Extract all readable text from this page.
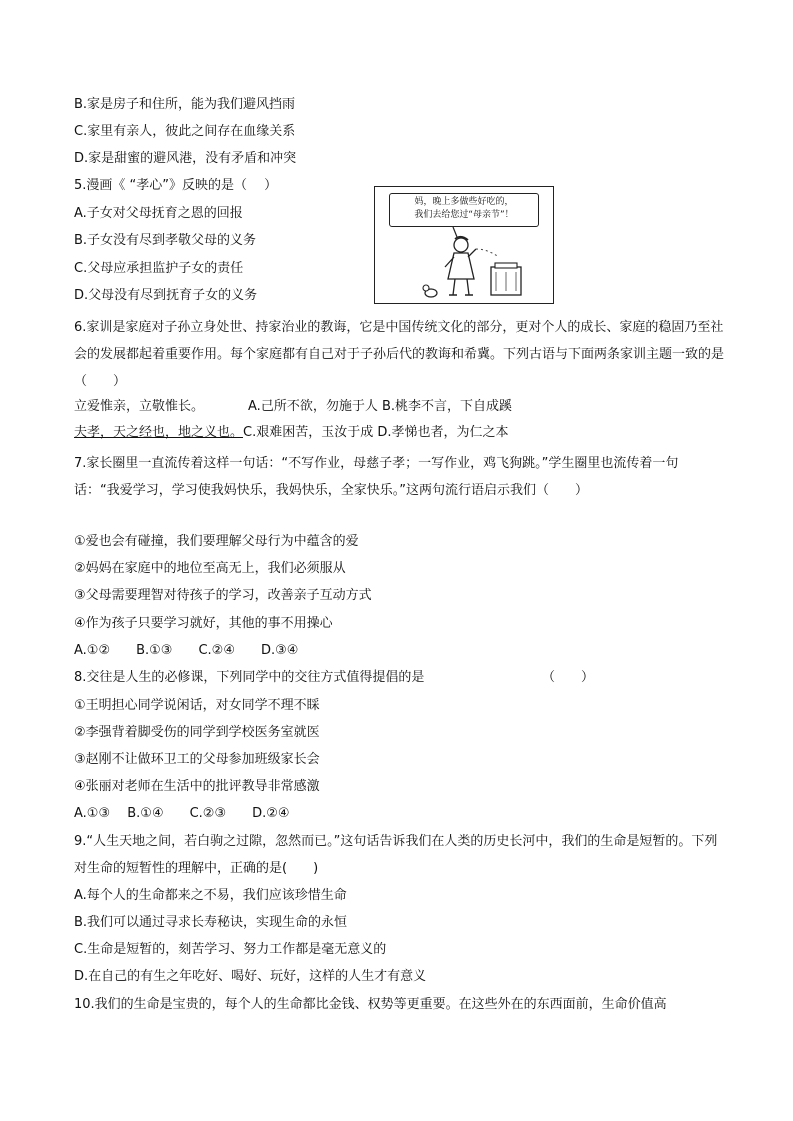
B.家是房子和住所，能为我们避风挡雨
C.家里有亲人，彼此之间存在血缘关系
D.家是甜蜜的避风港，没有矛盾和冲突
5.漫画《 “孝心”》反映的是（　 ）
A.子女对父母抚育之恩的回报
B.子女没有尽到孝敬父母的义务
C.父母应承担监护子女的责任
D.父母没有尽到抚育子女的义务
妈，晚上多做些好吃的，
我们去给您过“母亲节”！
6.家训是家庭对子孙立身处世、持家治业的教诲，它是中国传统文化的部分，更对个人的成长、家庭的稳固乃至社会的发展都起着重要作用。每个家庭都有自己对于子孙后代的教诲和希冀。下列古语与下面两条家训主题一致的是　（　　）
立爱惟亲，立敬惟长。	A.己所不欲，勿施于人 B.桃李不言，下自成蹊
夫孝，天之经也，地之义也。C.艰难困苦，玉汝于成 D.孝悌也者，为仁之本
7.家长圈里一直流传着这样一句话：“不写作业，母慈子孝；一写作业，鸡飞狗跳。”学生圈里也流传着一句话：“我爱学习，学习使我妈快乐，我妈快乐，全家快乐。”这两句流行语启示我们（　　）
①爱也会有碰撞，我们要理解父母行为中蕴含的爱
②妈妈在家庭中的地位至高无上，我们必须服从
③父母需要理智对待孩子的学习，改善亲子互动方式
④作为孩子只要学习就好，其他的事不用操心
A.①②　　B.①③　　C.②④　　D.③④
8.交往是人生的必修课，下列同学中的交往方式值得提倡的是	（　　）
①王明担心同学说闲话，对女同学不理不睬
②李强背着脚受伤的同学到学校医务室就医
③赵刚不让做环卫工的父母参加班级家长会
④张丽对老师在生活中的批评教导非常感激
A.①③　 B.①④　　C.②③　　D.②④
9.“人生天地之间，若白驹之过隙，忽然而已。”这句话告诉我们在人类的历史长河中，我们的生命是短暂的。下列对生命的短暂性的理解中，正确的是(　　)
A.每个人的生命都来之不易，我们应该珍惜生命
B.我们可以通过寻求长寿秘诀，实现生命的永恒
C.生命是短暂的，刻苦学习、努力工作都是毫无意义的
D.在自己的有生之年吃好、喝好、玩好，这样的人生才有意义
10.我们的生命是宝贵的，每个人的生命都比金钱、权势等更重要。在这些外在的东西面前，生命价值高
